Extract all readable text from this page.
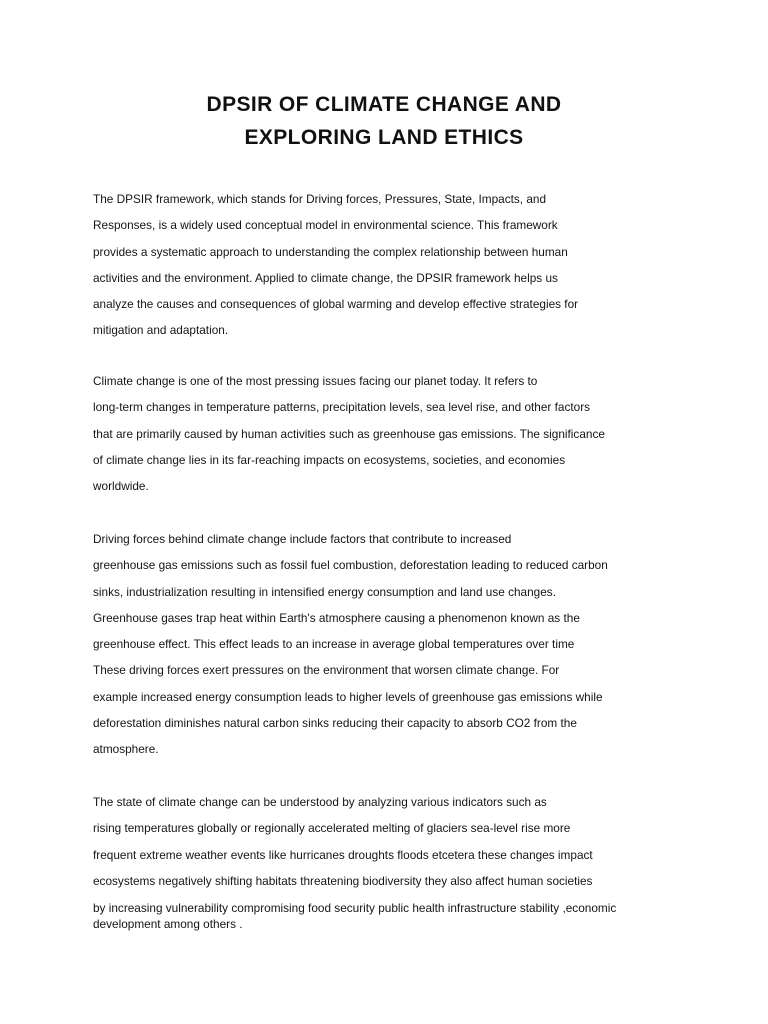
DPSIR OF CLIMATE CHANGE AND
EXPLORING LAND ETHICS
The DPSIR framework, which stands for Driving forces, Pressures, State, Impacts, and
Responses, is a widely used conceptual model in environmental science. This framework
provides a systematic approach to understanding the complex relationship between human
activities and the environment. Applied to climate change, the DPSIR framework helps us
analyze the causes and consequences of global warming and develop effective strategies for
mitigation and adaptation.
Climate change is one of the most pressing issues facing our planet today. It refers to
long-term changes in temperature patterns, precipitation levels, sea level rise, and other factors
that are primarily caused by human activities such as greenhouse gas emissions. The significance
of climate change lies in its far-reaching impacts on ecosystems, societies, and economies
worldwide.
Driving forces behind climate change include factors that contribute to increased
greenhouse gas emissions such as fossil fuel combustion, deforestation leading to reduced carbon
sinks, industrialization resulting in intensified energy consumption and land use changes.
Greenhouse gases trap heat within Earth's atmosphere causing a phenomenon known as the
greenhouse effect. This effect leads to an increase in average global temperatures over time
These driving forces exert pressures on the environment that worsen climate change. For
example increased energy consumption leads to higher levels of greenhouse gas emissions while
deforestation diminishes natural carbon sinks reducing their capacity to absorb CO2 from the
atmosphere.
The state of climate change can be understood by analyzing various indicators such as
rising temperatures globally or regionally accelerated melting of glaciers sea-level rise more
frequent extreme weather events like hurricanes droughts floods etcetera these changes impact
ecosystems negatively shifting habitats threatening biodiversity they also affect human societies
by increasing vulnerability compromising food security public health infrastructure stability ,economic
development among others .
